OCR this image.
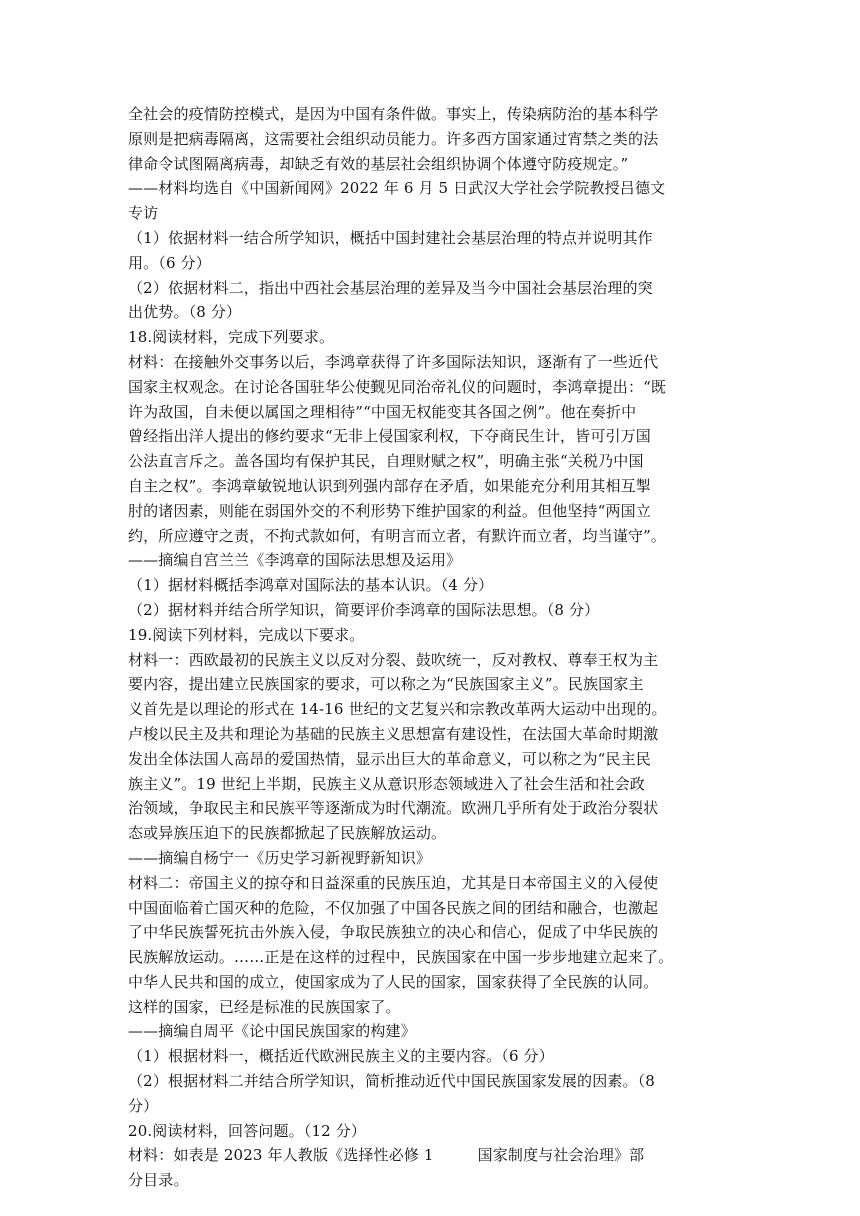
全社会的疫情防控模式，是因为中国有条件做。事实上，传染病防治的基本科学
原则是把病毒隔离，这需要社会组织动员能力。许多西方国家通过宵禁之类的法
律命令试图隔离病毒，却缺乏有效的基层社会组织协调个体遵守防疫规定。”
——材料均选自《中国新闻网》2022 年 6 月 5 日武汉大学社会学院教授吕德文
专访
（1）依据材料一结合所学知识，概括中国封建社会基层治理的特点并说明其作
用。（6 分）
（2）依据材料二，指出中西社会基层治理的差异及当今中国社会基层治理的突
出优势。（8 分）
18.阅读材料，完成下列要求。
材料：在接触外交事务以后，李鸿章获得了许多国际法知识，逐渐有了一些近代
国家主权观念。在讨论各国驻华公使觐见同治帝礼仪的问题时，李鸿章提出：“既
许为敌国，自未便以属国之理相待”“中国无权能变其各国之例”。他在奏折中
曾经指出洋人提出的修约要求“无非上侵国家利权，下夺商民生计，皆可引万国
公法直言斥之。盖各国均有保护其民，自理财赋之权”，明确主张“关税乃中国
自主之权”。李鸿章敏锐地认识到列强内部存在矛盾，如果能充分利用其相互掣
肘的诸因素，则能在弱国外交的不利形势下维护国家的利益。但他坚持“两国立
约，所应遵守之责，不拘式款如何，有明言而立者，有默许而立者，均当谨守”。
——摘编自宫兰兰《李鸿章的国际法思想及运用》
（1）据材料概括李鸿章对国际法的基本认识。（4 分）
（2）据材料并结合所学知识，简要评价李鸿章的国际法思想。（8 分）
19.阅读下列材料，完成以下要求。
材料一：西欧最初的民族主义以反对分裂、鼓吹统一，反对教权、尊奉王权为主
要内容，提出建立民族国家的要求，可以称之为“民族国家主义”。民族国家主
义首先是以理论的形式在 14-16 世纪的文艺复兴和宗教改革两大运动中出现的。
卢梭以民主及共和理论为基础的民族主义思想富有建设性，在法国大革命时期激
发出全体法国人高昂的爱国热情，显示出巨大的革命意义，可以称之为“民主民
族主义”。19 世纪上半期，民族主义从意识形态领域进入了社会生活和社会政
治领域，争取民主和民族平等逐渐成为时代潮流。欧洲几乎所有处于政治分裂状
态或异族压迫下的民族都掀起了民族解放运动。
——摘编自杨宁一《历史学习新视野新知识》
材料二：帝国主义的掠夺和日益深重的民族压迫，尤其是日本帝国主义的入侵使
中国面临着亡国灭种的危险，不仅加强了中国各民族之间的团结和融合，也激起
了中华民族誓死抗击外族入侵，争取民族独立的决心和信心，促成了中华民族的
民族解放运动。……正是在这样的过程中，民族国家在中国一步步地建立起来了。
中华人民共和国的成立，使国家成为了人民的国家，国家获得了全民族的认同。
这样的国家，已经是标准的民族国家了。
——摘编自周平《论中国民族国家的构建》
（1）根据材料一，概括近代欧洲民族主义的主要内容。（6 分）
（2）根据材料二并结合所学知识，简析推动近代中国民族国家发展的因素。（8
分）
20.阅读材料，回答问题。（12 分）
材料：如表是 2023 年人教版《选择性必修 1	国家制度与社会治理》部
分目录。
